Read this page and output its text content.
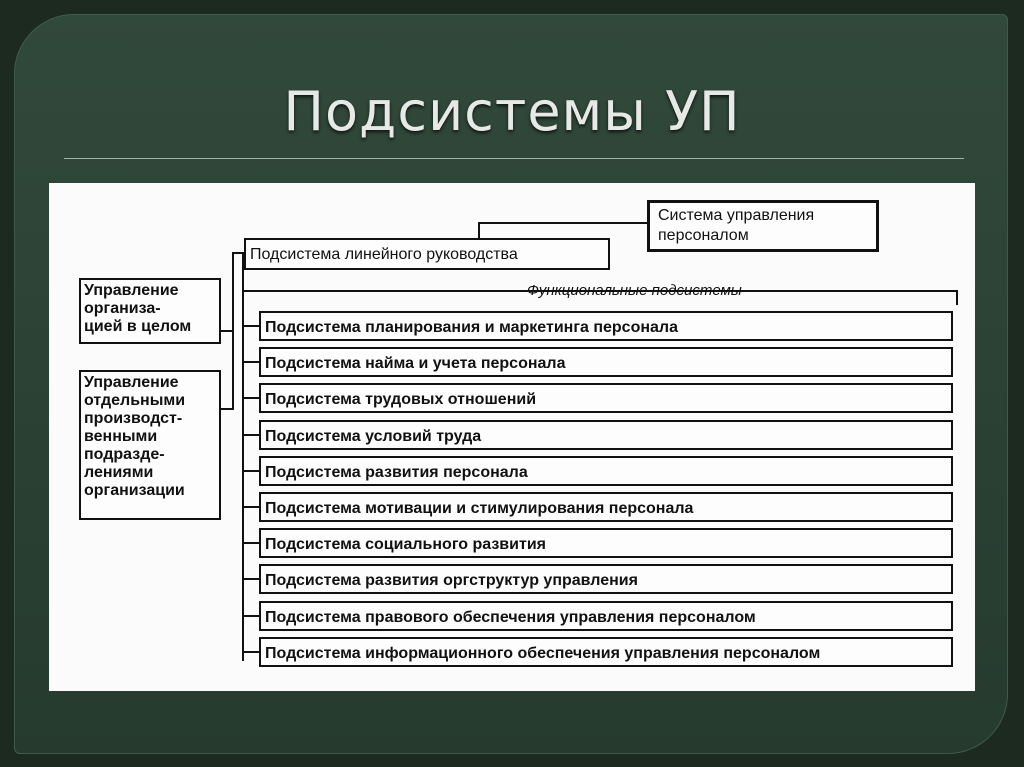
Подсистемы УП
Система управления
персоналом
Подсистема линейного руководства
Функциональные подсистемы
Управление
организа-
цией в целом
Управление
отдельными
производст-
венными
подразде-
лениями
организации
Подсистема планирования и маркетинга персонала
Подсистема найма и учета персонала
Подсистема трудовых отношений
Подсистема условий труда
Подсистема развития персонала
Подсистема мотивации и стимулирования персонала
Подсистема социального развития
Подсистема развития оргструктур управления
Подсистема правового обеспечения управления персоналом
Подсистема информационного обеспечения управления персоналом
